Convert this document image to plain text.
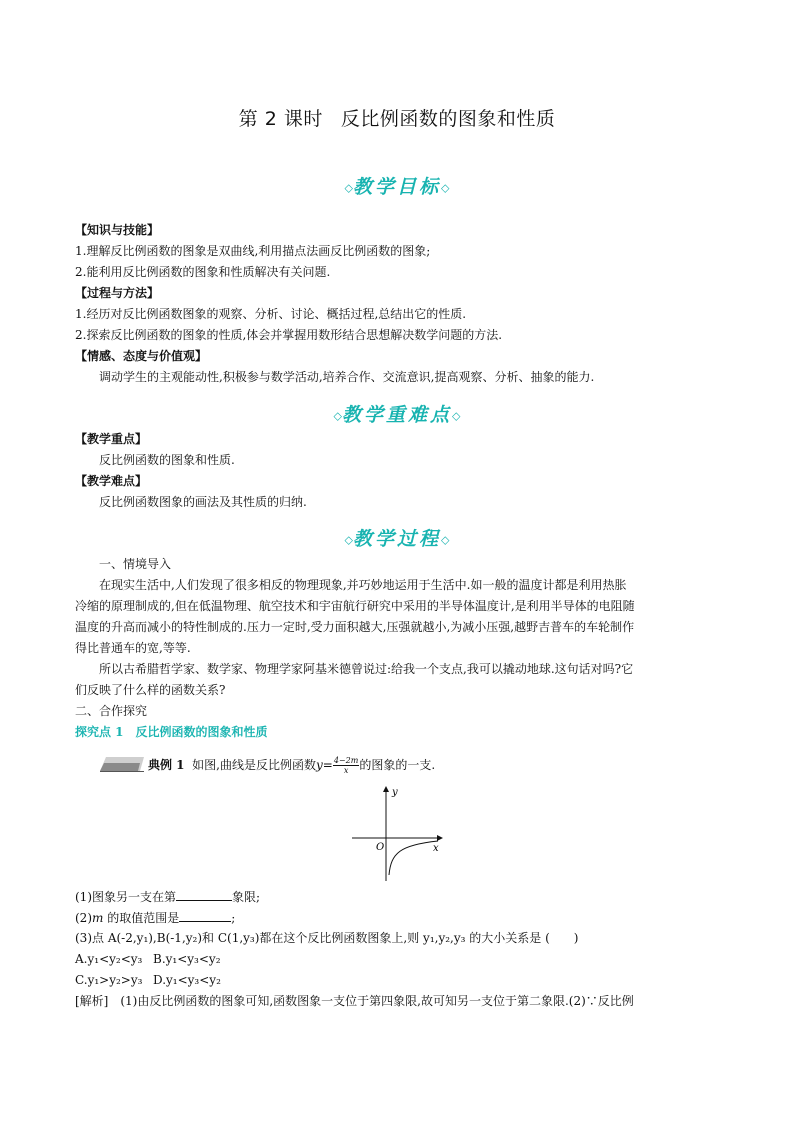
第 2 课时 反比例函数的图象和性质
◇教学目标◇
【知识与技能】
1.理解反比例函数的图象是双曲线,利用描点法画反比例函数的图象;
2.能利用反比例函数的图象和性质解决有关问题.
【过程与方法】
1.经历对反比例函数图象的观察、分析、讨论、概括过程,总结出它的性质.
2.探索反比例函数的图象的性质,体会并掌握用数形结合思想解决数学问题的方法.
【情感、态度与价值观】
调动学生的主观能动性,积极参与数学活动,培养合作、交流意识,提高观察、分析、抽象的能力.
◇教学重难点◇
【教学重点】
反比例函数的图象和性质.
【教学难点】
反比例函数图象的画法及其性质的归纳.
◇教学过程◇
一、情境导入
在现实生活中,人们发现了很多相反的物理现象,并巧妙地运用于生活中.如一般的温度计都是利用热胀
冷缩的原理制成的,但在低温物理、航空技术和宇宙航行研究中采用的半导体温度计,是利用半导体的电阻随
温度的升高而减小的特性制成的.压力一定时,受力面积越大,压强就越小,为减小压强,越野吉普车的车轮制作
得比普通车的宽,等等.
所以古希腊哲学家、数学家、物理学家阿基米德曾说过:给我一个支点,我可以撬动地球.这句话对吗?它
们反映了什么样的函数关系?
二、合作探究
探究点 1　反比例函数的图象和性质
典例 1 如图,曲线是反比例函数$y= \frac{4-2m}{x}$ 的图象的一支.
y
x
O
(1)图象另一支在第	象限;
(2)m 的取值范围是	;
(3)点 A(-2,y₁),B(-1,y₂)和 C(1,y₃)都在这个反比例函数图象上,则 y₁,y₂,y₃ 的大小关系是 (　　)
A.y₁<y₂<y₃ B.y₁<y₃<y₂
C.y₁>y₂>y₃ D.y₁<y₃<y₂
[解析]　(1)由反比例函数的图象可知,函数图象一支位于第四象限,故可知另一支位于第二象限.(2)∵反比例
